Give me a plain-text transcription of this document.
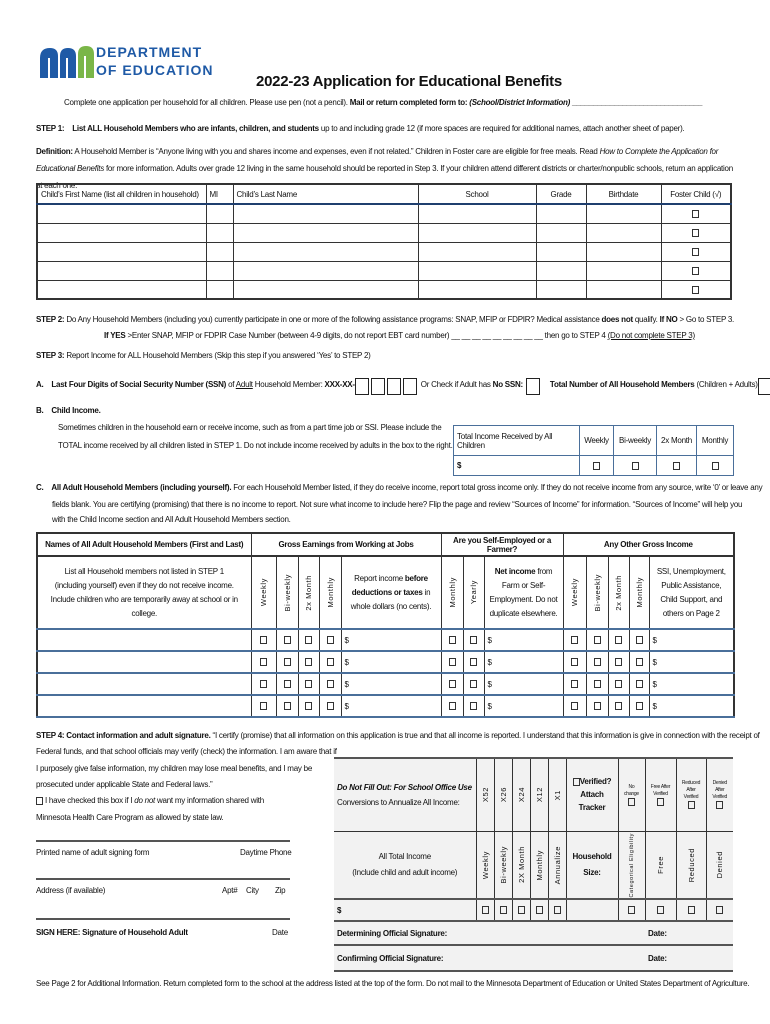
DEPARTMENT
OF EDUCATION
2022-23 Application for Educational Benefits
Complete one application per household for all children. Please use pen (not a pencil). Mail or return completed form to: (School/District Information) _______________________________
STEP 1: List ALL Household Members who are infants, children, and students up to and including grade 12 (if more spaces are required for additional names, attach another sheet of paper).
Definition: A Household Member is “Anyone living with you and shares income and expenses, even if not related.” Children in Foster care are eligible for free meals. Read How to Complete the Application for Educational Benefits for more information. Adults over grade 12 living in the same household should be reported in Step 3. If your children attend different districts or charter/nonpublic schools, return an application at each one.
Child’s First Name (list all children in household)	MI	Child’s Last Name	School	Grade	Birthdate	Foster Child (√)

STEP 2: Do Any Household Members (including you) currently participate in one or more of the following assistance programs: SNAP, MFIP or FDPIR? Medical assistance does not qualify. If NO > Go to STEP 3.
If YES >Enter SNAP, MFIP or FDPIR Case Number (between 4-9 digits, do not report EBT card number) __ __ __ __ __ __ __ __ __ then go to STEP 4 (Do not complete STEP 3)
STEP 3: Report Income for ALL Household Members (Skip this step if you answered ‘Yes’ to STEP 2)
A. Last Four Digits of Social Security Number (SSN) of Adult Household Member: XXX-XX-	Or Check if Adult has No SSN:	Total Number of All Household Members (Children + Adults)
B. Child Income.
Sometimes children in the household earn or receive income, such as from a part time job or SSI. Please include the
TOTAL income received by all children listed in STEP 1. Do not include income received by adults in the box to the right.
Total Income Received by All Children	Weekly	Bi-weekly	2x Month	Monthly
$				
C. All Adult Household Members (including yourself). For each Household Member listed, if they do receive income, report total gross income only. If they do not receive income from any source, write ‘0’ or leave any
fields blank. You are certifying (promising) that there is no income to report. Not sure what income to include here? Flip the page and review “Sources of Income” for information. “Sources of Income” will help you
with the Child Income section and All Adult Household Members section.
Names of All Adult Household Members (First and Last)	Gross Earnings from Working at Jobs					Are you Self-Employed or a Farmer?			Any Other Gross Income				
List all Household members not listed in STEP 1 (including yourself) even if they do not receive income. Include children who are temporarily away at school or in college.	Weekly	Bi-weekly	2x Month	Monthly	Report income before deductions or taxes in whole dollars (no cents).	Monthly	Yearly	Net income from Farm or Self-Employment. Do not duplicate elsewhere.	Weekly	Bi-weekly	2x Month	Monthly	SSI, Unemployment, Public Assistance, Child Support, and others on Page 2

	$			$					$

	$			$					$

	$			$					$

	$			$					$
STEP 4: Contact information and adult signature. “I certify (promise) that all information on this application is true and that all income is reported. I understand that this information is give in connection with the receipt of
Federal funds, and that school officials may verify (check) the information. I am aware that if
I purposely give false information, my children may lose meal benefits, and I may be
prosecuted under applicable State and Federal laws.”
I have checked this box if I do not want my information shared with
Minnesota Health Care Program as allowed by state law.
Printed name of adult signing form	Daytime Phone
Address (if available)	Apt# City Zip
SIGN HERE: Signature of Household Adult	Date
Do Not Fill Out: For School Office Use
Conversions to Annualize All Income:	X52	X26	X24	X12	X1	Verified?
Attach
Tracker	No change	Free After Verified	Reduced After Verified	Denied After Verified

All Total Income
(Include child and adult income)	Weekly	Bi-weekly	2X Month	Monthly	Annualize	Household
Size:	Categorical Eligibility	Free	Reduced	Denied

$										
Determining Official Signature:								Date:		
Confirming Official Signature:								Date:		
See Page 2 for Additional Information. Return completed form to the school at the address listed at the top of the form. Do not mail to the Minnesota Department of Education or United States Department of Agriculture.
